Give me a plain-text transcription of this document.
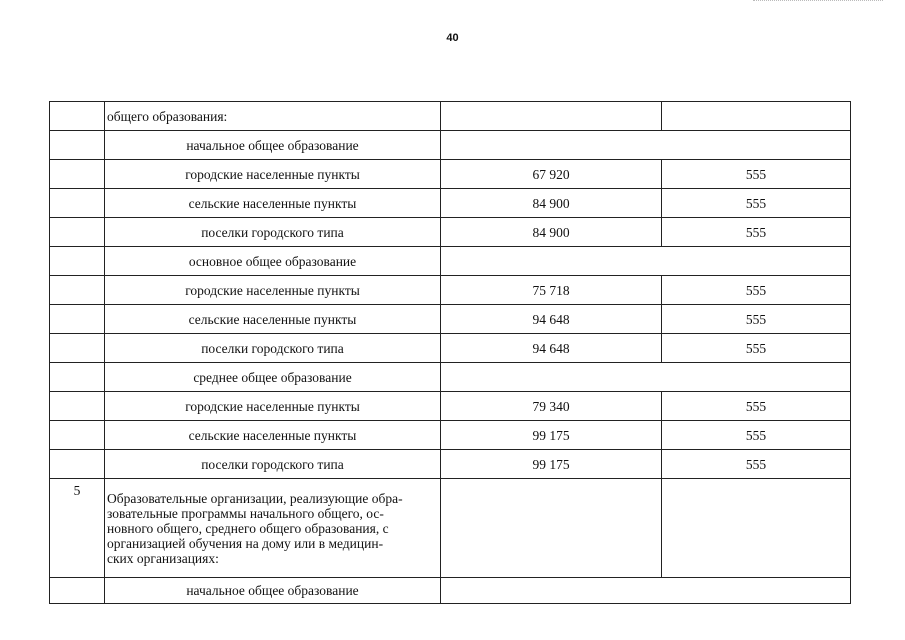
40
	общего образования:		
	начальное общее образование		
	городские населенные пункты	67 920	555
	сельские населенные пункты	84 900	555
	поселки городского типа	84 900	555
	основное общее образование		
	городские населенные пункты	75 718	555
	сельские населенные пункты	94 648	555
	поселки городского типа	94 648	555
	среднее общее образование		
	городские населенные пункты	79 340	555
	сельские населенные пункты	99 175	555
	поселки городского типа	99 175	555
5	Образовательные организации, реализующие обра-
зовательные программы начального общего, ос-
новного общего, среднего общего образования, с
организацией обучения на дому или в медицин-
ских организациях:		

	начальное общее образование		
